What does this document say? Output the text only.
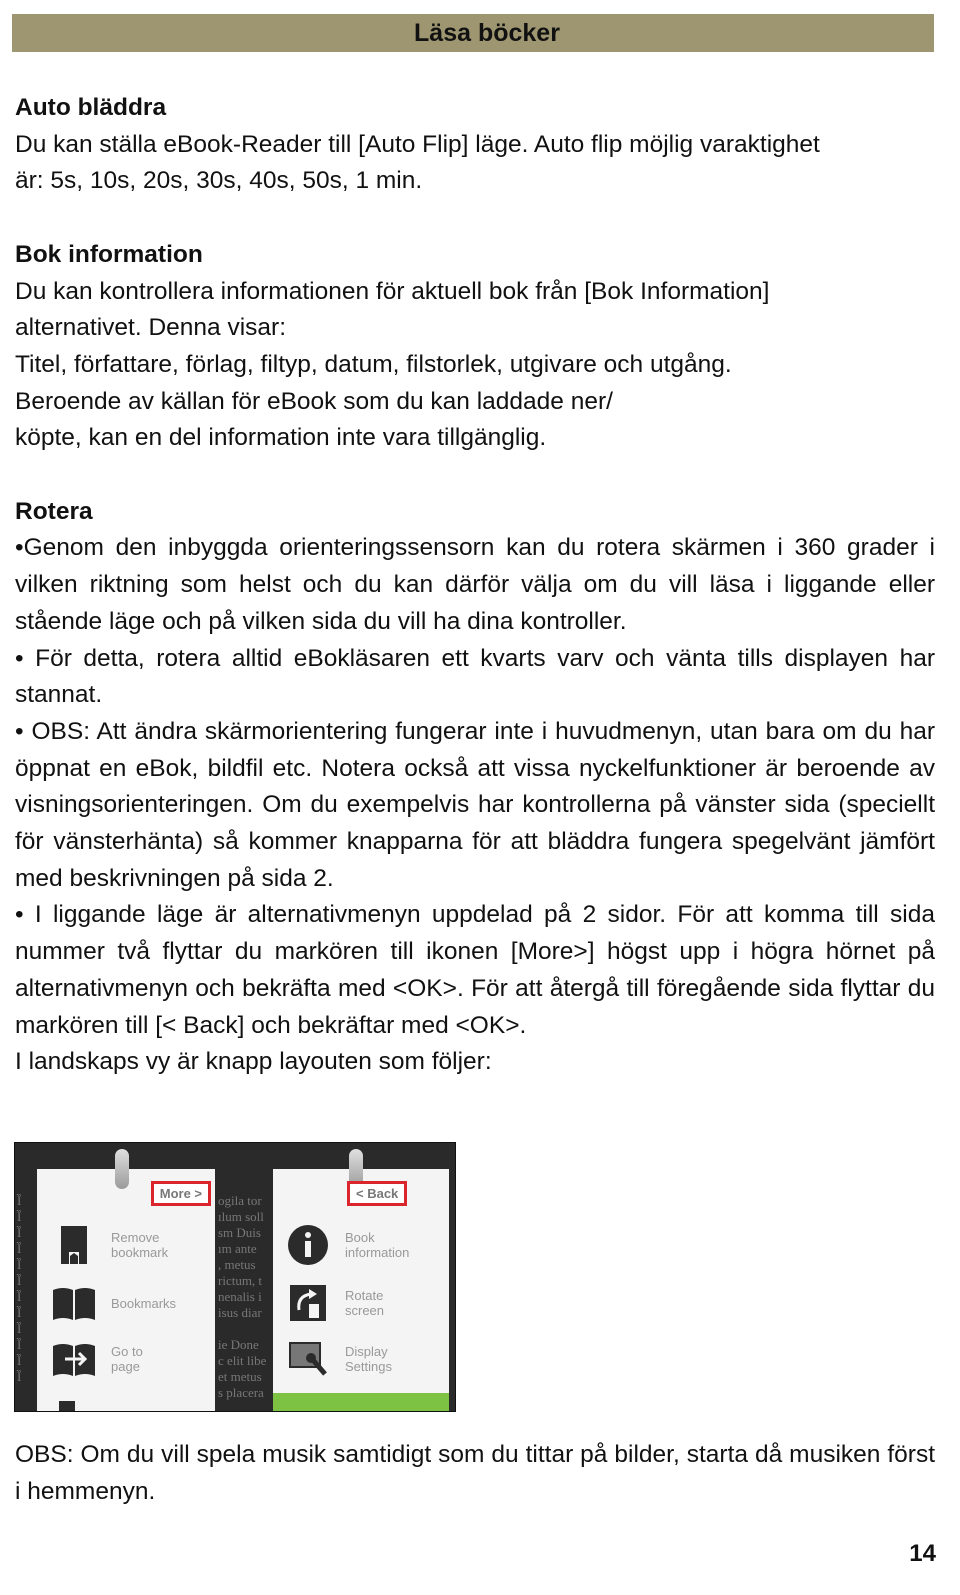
Läsa böcker

Auto bläddra

Du kan ställa eBook-Reader till [Auto Flip] läge. Auto flip möjlig varaktighet

är: 5s, 10s, 20s, 30s, 40s, 50s, 1 min.

Bok information

Du kan kontrollera informationen för aktuell bok från [Bok Information]

alternativet. Denna visar:

Titel, författare, förlag, filtyp, datum, filstorlek, utgivare och utgång.

Beroende av källan för eBook som du kan laddade ner/

köpte, kan en del information inte vara tillgänglig.

Rotera

•Genom den inbyggda orienteringssensorn kan du rotera skärmen i 360 grader i vilken riktning som helst och du kan därför välja om du vill läsa i liggande eller stående läge och på vilken sida du vill ha dina kontroller.

• För detta, rotera alltid eBokläsaren ett kvarts varv och vänta tills displayen har stannat.

• OBS: Att ändra skärmorientering fungerar inte i huvudmenyn, utan bara om du har öppnat en eBok, bildfil etc. Notera också att vissa nyckelfunktioner är beroende av visningsorienteringen. Om du exempelvis har kontrollerna på vänster sida (speciellt för vänsterhänta) så kommer knapparna för att bläddra fungera spegelvänt jämfört med beskrivningen på sida 2.

• I liggande läge är alternativmenyn uppdelad på 2 sidor. För att komma till sida nummer två flyttar du markören till ikonen [More>] högst upp i högra hörnet på alternativmenyn och bekräfta med <OK>. För att återgå till föregående sida flyttar du markören till [< Back] och bekräftar med <OK>.

I landskaps vy är knapp layouten som följer:

Ȉ
Ȉ
Ȉ
Ȉ
Ȉ
Ȉ
Ȉ
Ȉ
Ȉ
Ȉ
Ȉ
Ȉ
ogila tor
ılum soll
sm Duis
ım ante
, metus
rictum, t
nenalis i
isus diar

ie Done
c elit libe
et metus
s placera
More >
Remove
bookmark
Bookmarks
Go to
page
< Back
Book
information
Rotate
screen
Display
Settings
OBS: Om du vill spela musik samtidigt som du tittar på bilder, starta då musiken först i hemmenyn.
14
